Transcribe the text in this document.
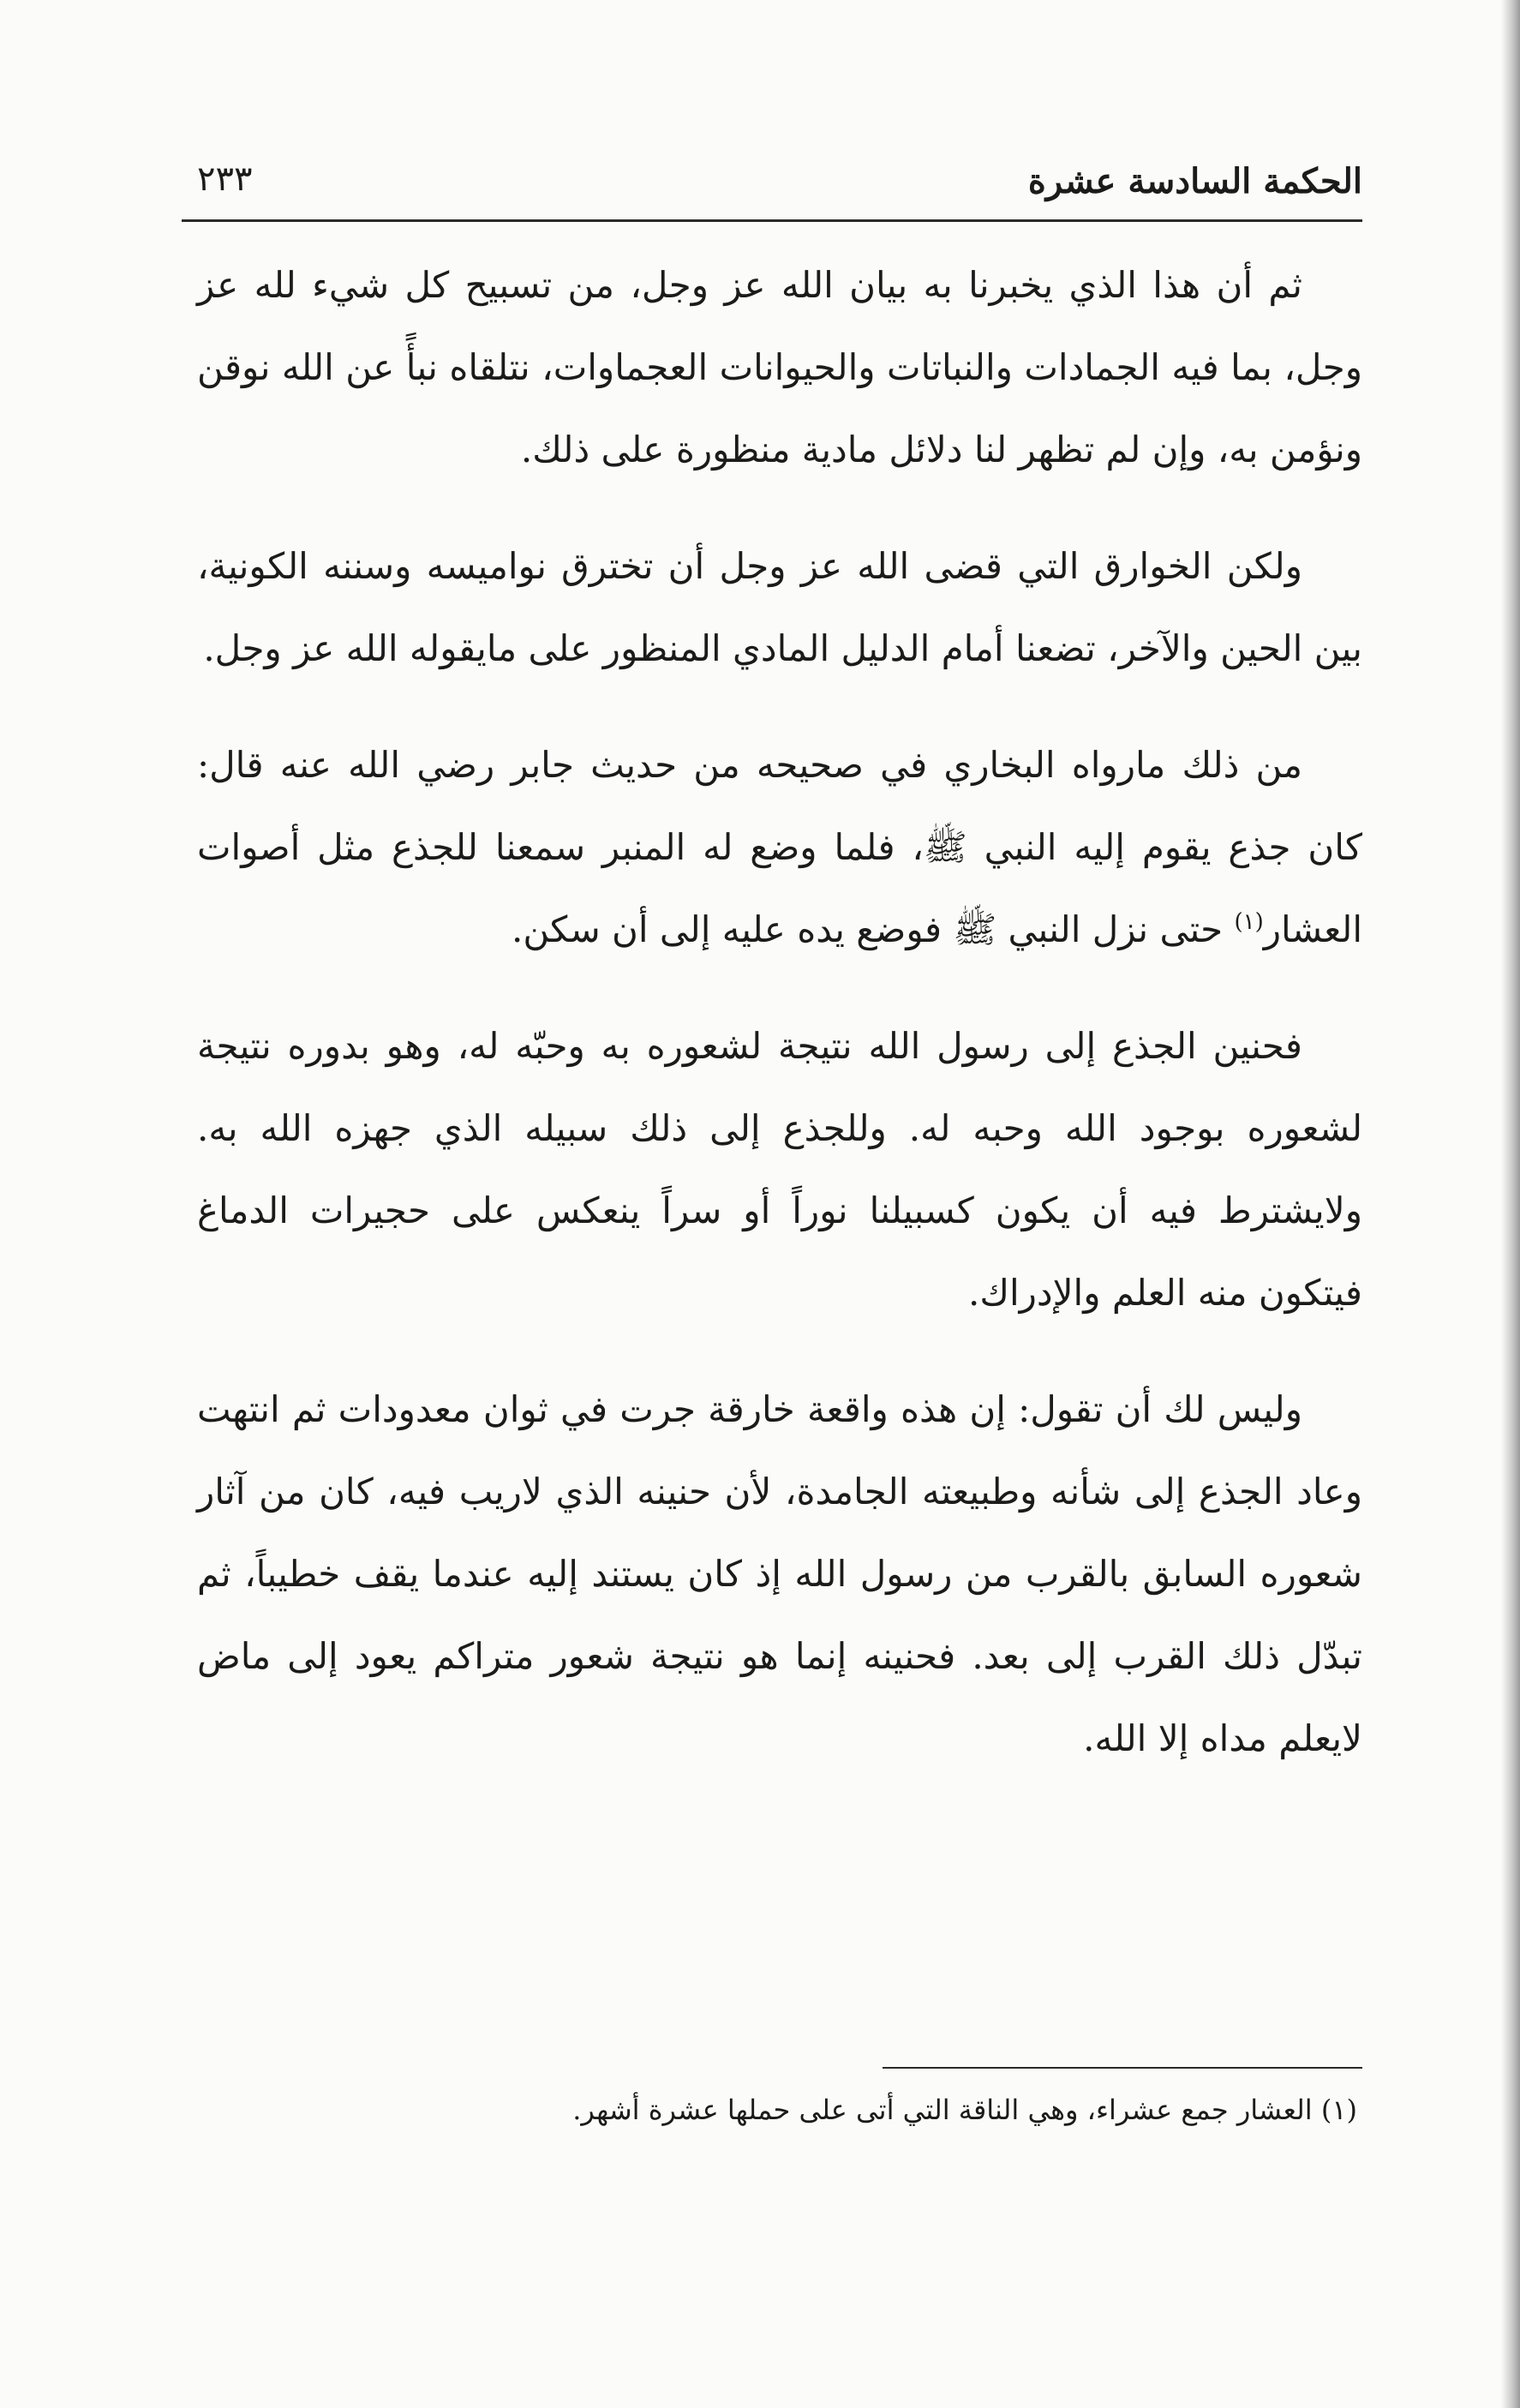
الحكمة السادسة عشرة
٢٣٣

ثم أن هذا الذي يخبرنا به بيان الله عز وجل، من تسبيح كل شيء لله عز وجل، بما فيه الجمادات والنباتات والحيوانات العجماوات، نتلقاه نبأً عن الله نوقن ونؤمن به، وإن لم تظهر لنا دلائل مادية منظورة على ذلك.

ولكن الخوارق التي قضى الله عز وجل أن تخترق نواميسه وسننه الكونية، بين الحين والآخر، تضعنا أمام الدليل المادي المنظور على مايقوله الله عز وجل.

من ذلك مارواه البخاري في صحيحه من حديث جابر رضي الله عنه قال: كان جذع يقوم إليه النبي ﷺ، فلما وضع له المنبر سمعنا للجذع مثل أصوات العشار$^{(١)}$ حتى نزل النبي ﷺ فوضع يده عليه إلى أن سكن.

فحنين الجذع إلى رسول الله نتيجة لشعوره به وحبّه له، وهو بدوره نتيجة لشعوره بوجود الله وحبه له. وللجذع إلى ذلك سبيله الذي جهزه الله به. ولايشترط فيه أن يكون كسبيلنا نوراً أو سراً ينعكس على حجيرات الدماغ فيتكون منه العلم والإدراك.

وليس لك أن تقول: إن هذه واقعة خارقة جرت في ثوان معدودات ثم انتهت وعاد الجذع إلى شأنه وطبيعته الجامدة، لأن حنينه الذي لاريب فيه، كان من آثار شعوره السابق بالقرب من رسول الله إذ كان يستند إليه عندما يقف خطيباً، ثم تبدّل ذلك القرب إلى بعد. فحنينه إنما هو نتيجة شعور متراكم يعود إلى ماض لايعلم مداه إلا الله.

(١) العشار جمع عشراء، وهي الناقة التي أتى على حملها عشرة أشهر.
